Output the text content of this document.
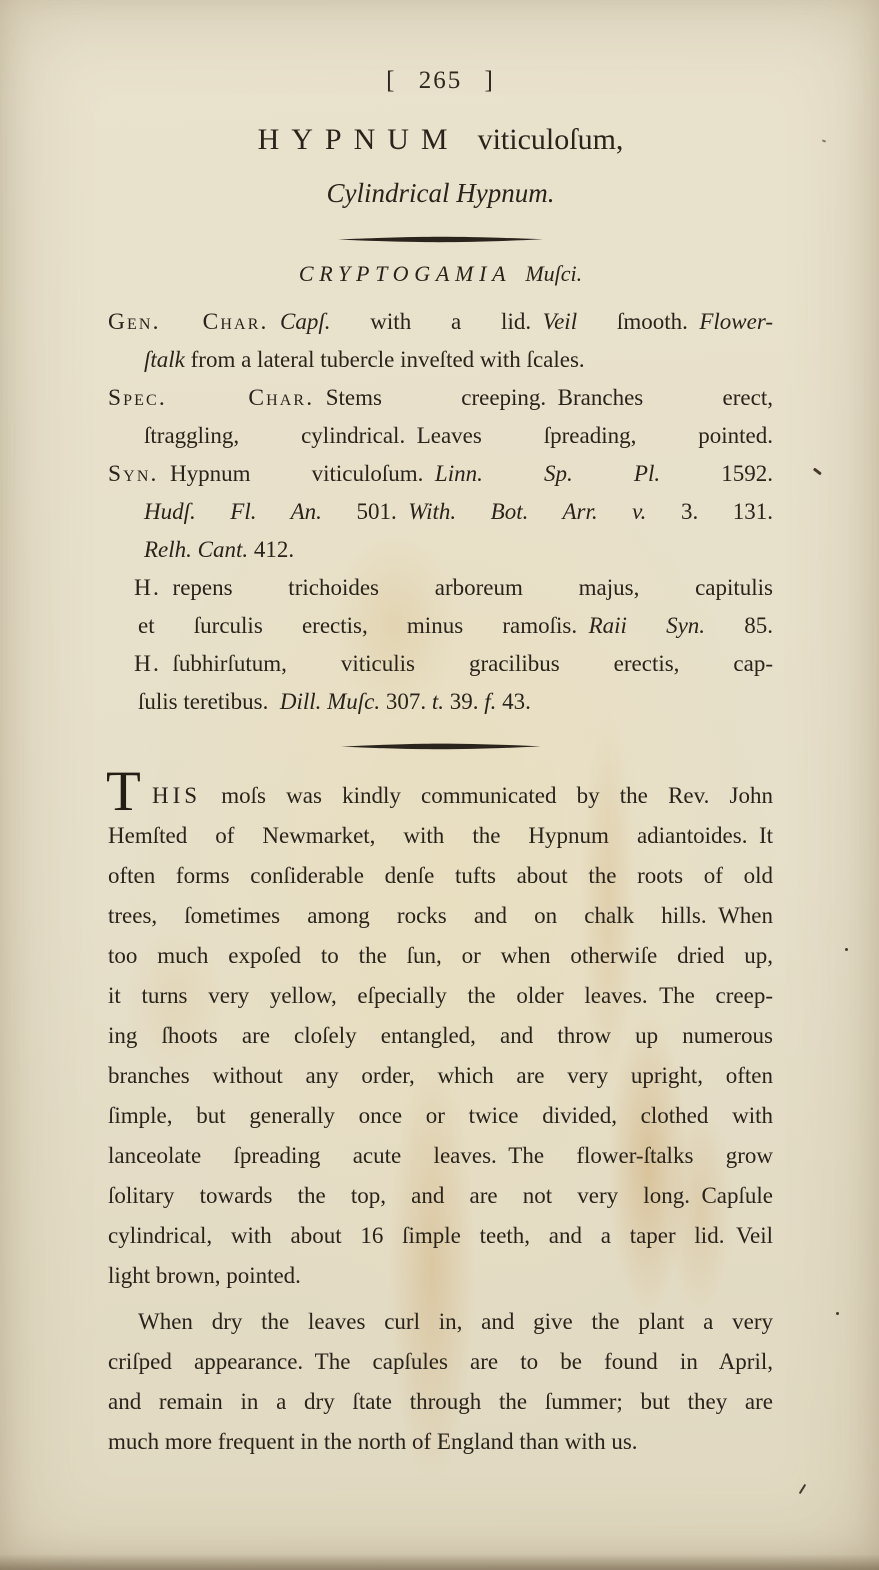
[ 265 ]
HYPNUM viticuloſum,
Cylindrical Hypnum.
CRYPTOGAMIA Muſci.
Gen. Char.  Capſ. with a lid. Veil ſmooth. Flower-
ſtalk from a lateral tubercle inveſted with ſcales.
Spec. Char.  Stems creeping. Branches erect,
ſtraggling, cylindrical. Leaves ſpreading, pointed.
Syn.  Hypnum viticuloſum. Linn. Sp. Pl. 1592.
Hudſ. Fl. An. 501. With. Bot. Arr. v. 3. 131.
Relh. Cant. 412.
H.  repens trichoides arboreum majus, capitulis
et ſurculis erectis, minus ramoſis. Raii Syn. 85.
H.  ſubhirſutum, viticulis gracilibus erectis, cap-
ſulis teretibus. Dill. Muſc. 307. t. 39. f. 43.
T HIS moſs was kindly communicated by the Rev. John
Hemſted of Newmarket, with the Hypnum adiantoides. It
often forms conſiderable denſe tufts about the roots of old
trees, ſometimes among rocks and on chalk hills. When
too much expoſed to the ſun, or when otherwiſe dried up,
it turns very yellow, eſpecially the older leaves. The creep-
ing ſhoots are cloſely entangled, and throw up numerous
branches without any order, which are very upright, often
ſimple, but generally once or twice divided, clothed with
lanceolate ſpreading acute leaves. The flower-ſtalks grow
ſolitary towards the top, and are not very long. Capſule
cylindrical, with about 16 ſimple teeth, and a taper lid. Veil
light brown, pointed.
When dry the leaves curl in, and give the plant a very
criſped appearance. The capſules are to be found in April,
and remain in a dry ſtate through the ſummer; but they are
much more frequent in the north of England than with us.
